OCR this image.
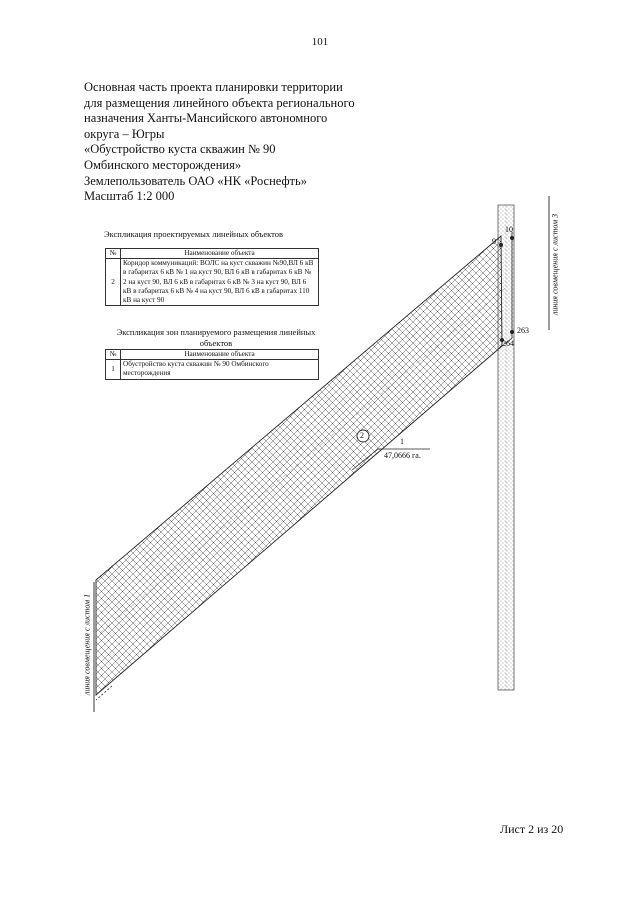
101
Основная часть проекта планировки территории
для размещения линейного объекта регионального
назначения Ханты-Мансийского автономного
округа – Югры
«Обустройство куста скважин № 90
Омбинского месторождения»
Землепользователь ОАО «НК «Роснефть»
Масштаб 1:2 000
Экспликация проектируемых линейных объектов
№	Наименование объекта
2	Коридор коммуникаций: ВОЛС на куст скважин №90,ВЛ 6 кВ в габаритах 6 кВ № 1 на куст 90, ВЛ 6 кВ в габаритах 6 кВ № 2 на куст 90, ВЛ 6 кВ в габаритах 6 кВ № 3 на куст 90, ВЛ 6 кВ в габаритах 6 кВ № 4 на куст 90, ВЛ 6 кВ в габаритах 110 кВ на куст 90
Экспликация зон планируемого размещения линейных
объектов
№	Наименование объекта
1	Обустройство куста скважин № 90 Омбинского месторождения
9
10
263
264
2
1
47,0666 га.
линия совмещения с листом 1
линия совмещения с листом 3
Лист 2 из 20
